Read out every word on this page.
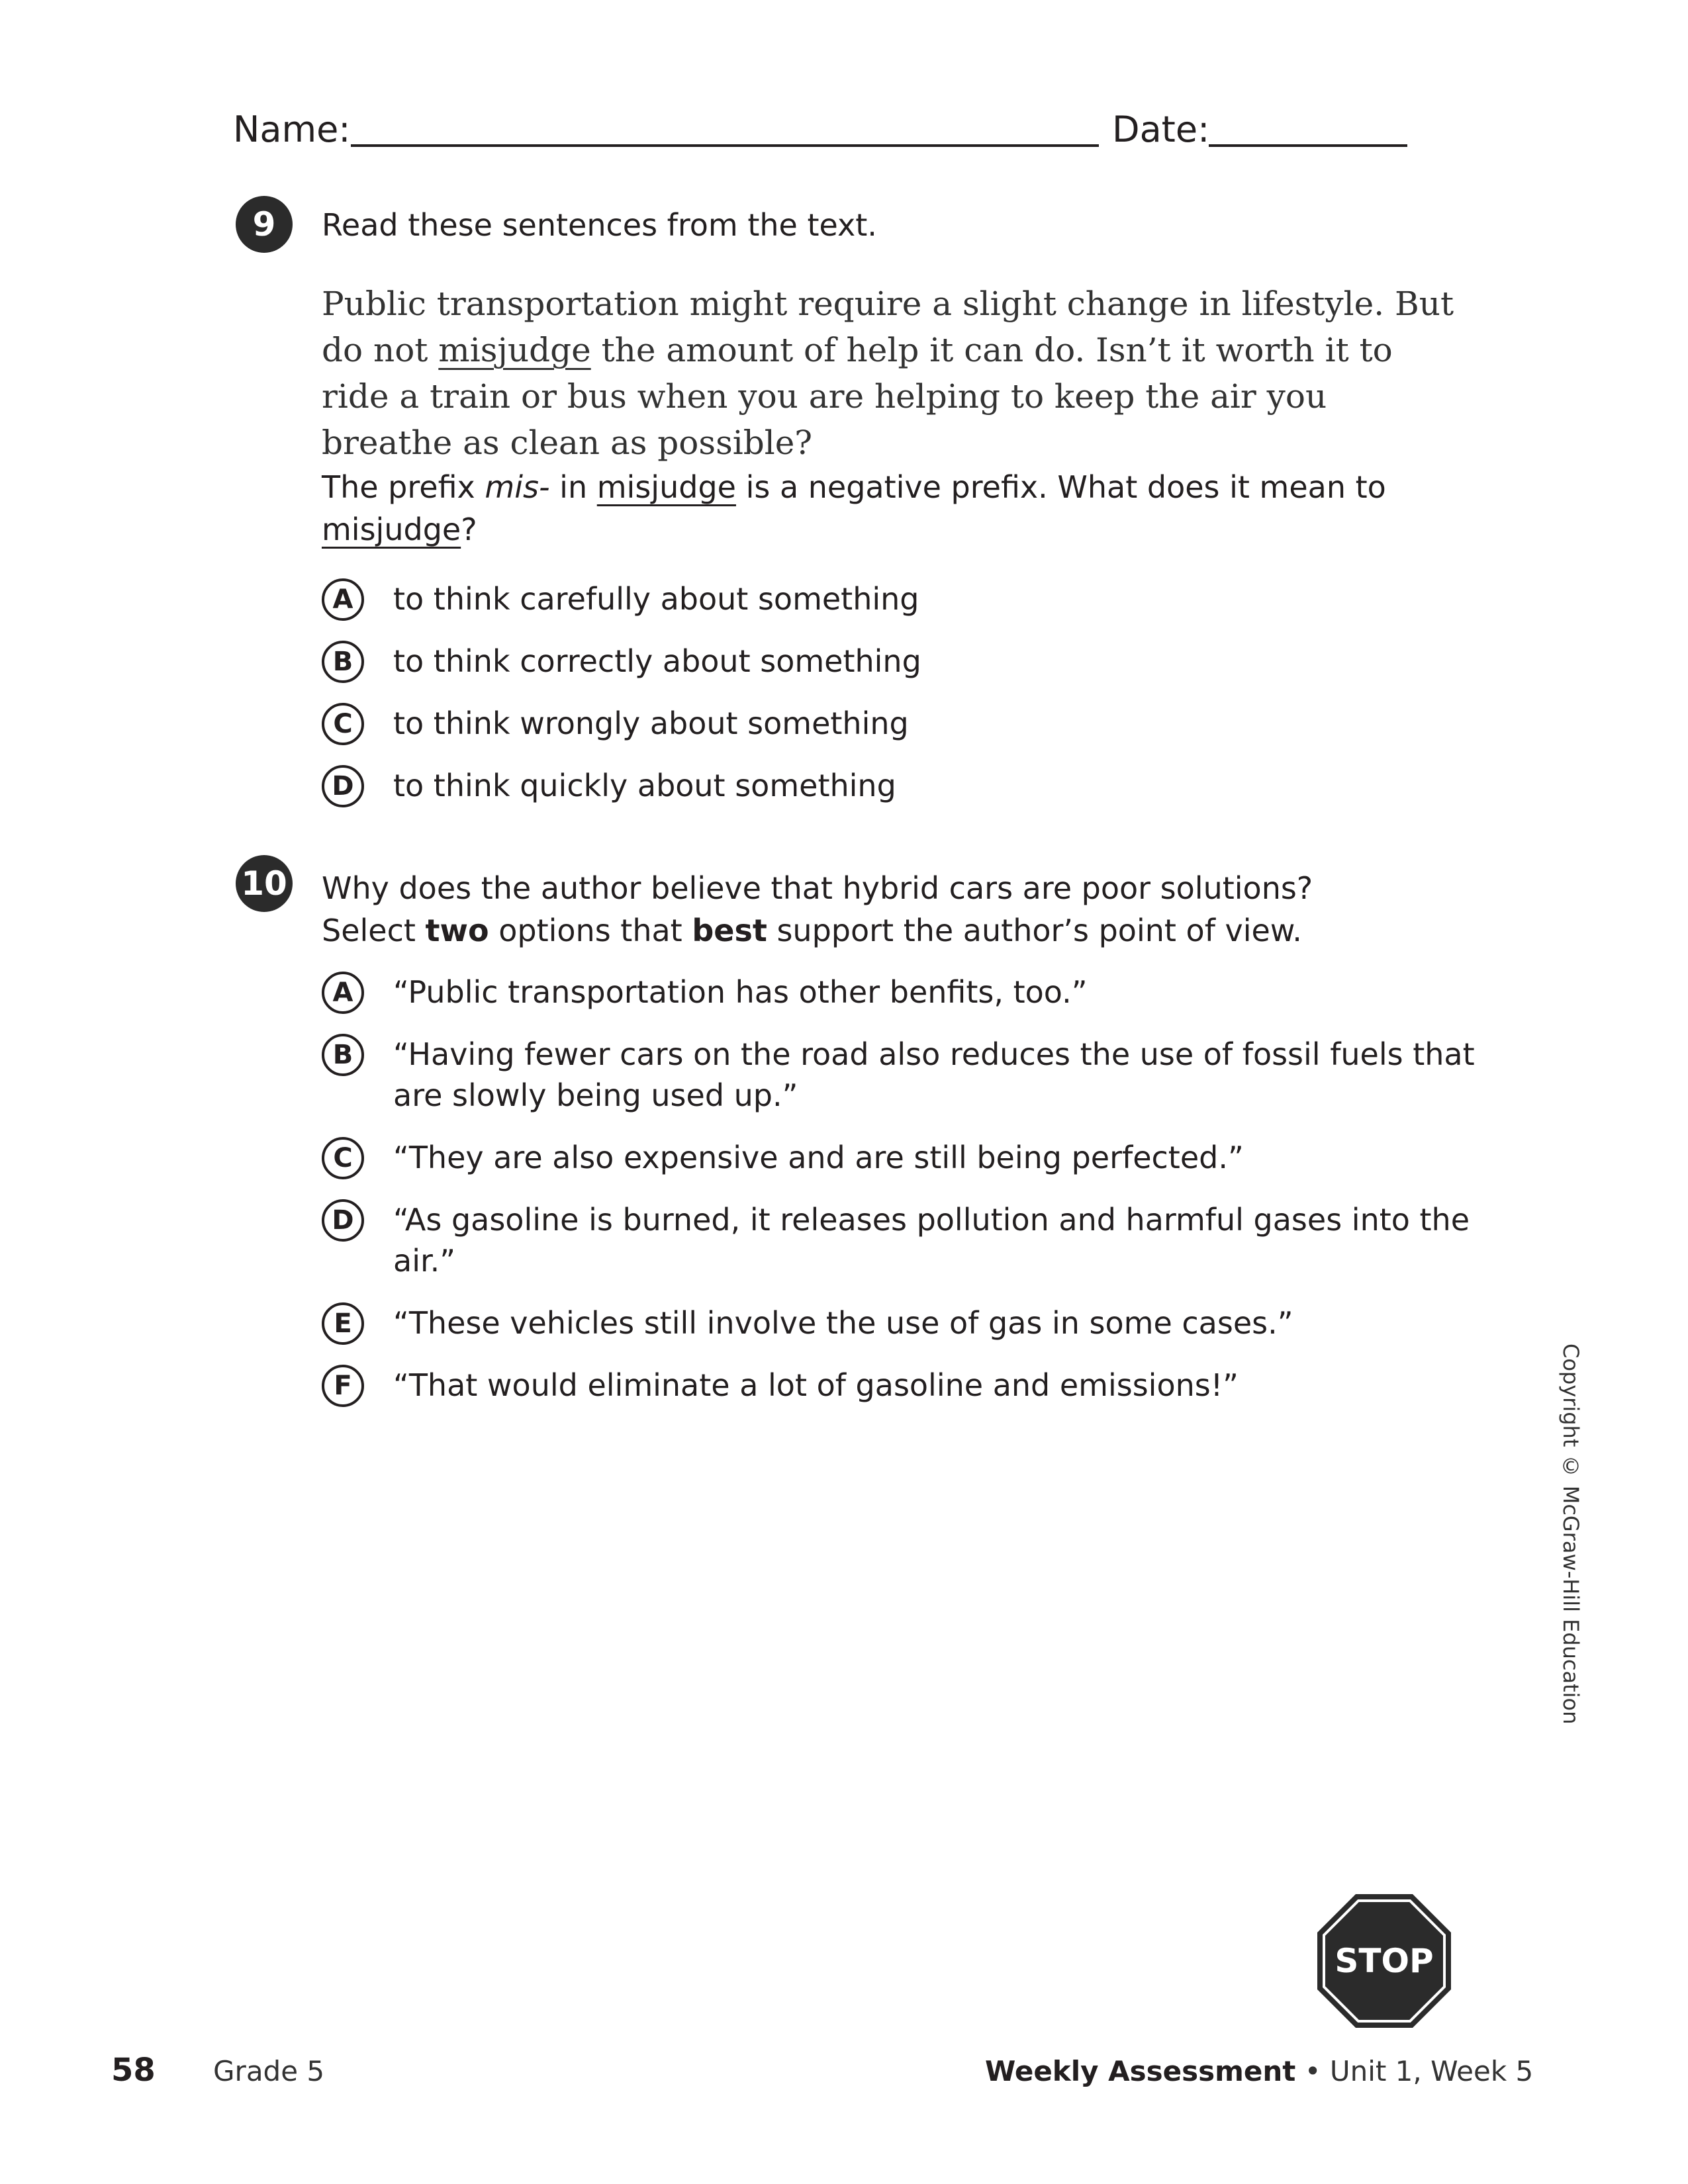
Name:	Date:
9	Read these sentences from the text.
Public transportation might require a slight change in lifestyle. But do not misjudge the amount of help it can do. Isn’t it worth it to ride a train or bus when you are helping to keep the air you breathe as clean as possible?
The prefix mis- in misjudge is a negative prefix. What does it mean to
misjudge?
A	to think carefully about something
B	to think correctly about something
C	to think wrongly about something
D	to think quickly about something
10 Why does the author believe that hybrid cars are poor solutions?
Select two options that best support the author’s point of view.
A	“Public transportation has other benfits, too.”
B	“Having fewer cars on the road also reduces the use of fossil fuels that are slowly being used up.”
C	“They are also expensive and are still being perfected.”
D	“As gasoline is burned, it releases pollution and harmful gases into the air.”
E	“These vehicles still involve the use of gas in some cases.”
F	“That would eliminate a lot of gasoline and emissions!”	Copyright © McGraw-Hill Education
STOP
58 Grade 5	Weekly Assessment • Unit 1, Week 5
